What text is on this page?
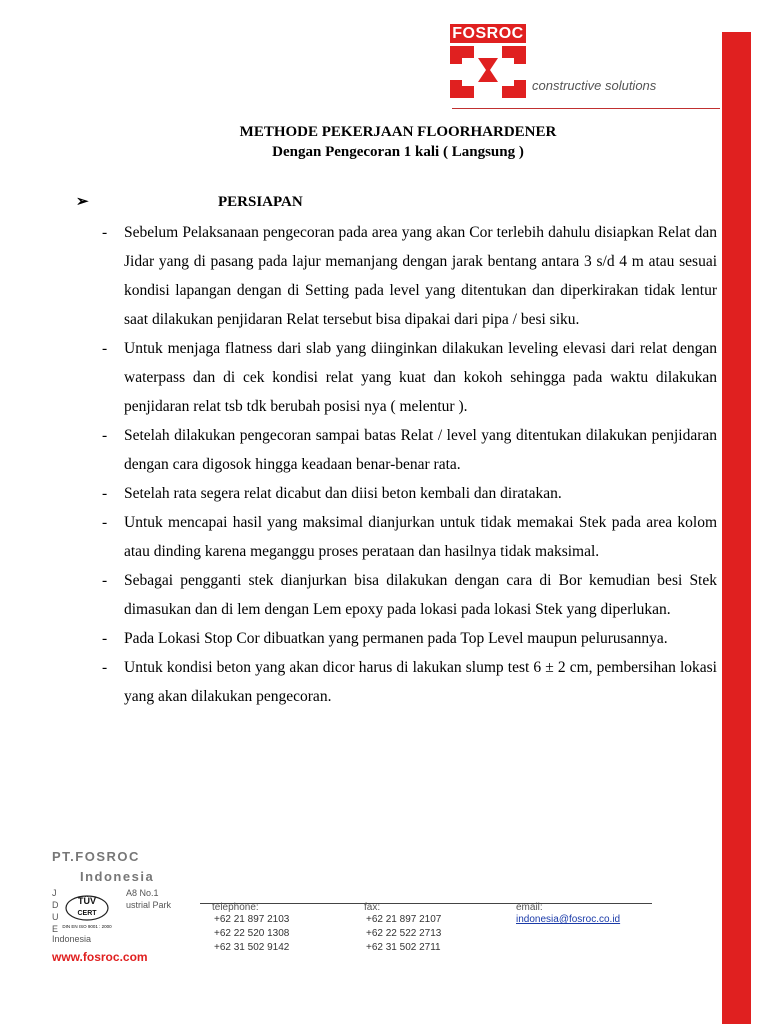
FOSROC
constructive solutions
METHODE PEKERJAAN FLOORHARDENER
Dengan Pengecoran 1 kali ( Langsung )
➢	PERSIAPAN
- Sebelum Pelaksanaan pengecoran pada area yang akan Cor terlebih dahulu disiapkan Relat dan Jidar yang di pasang pada lajur memanjang dengan jarak bentang antara 3 s/d 4 m atau sesuai kondisi lapangan dengan di Setting pada level yang ditentukan dan diperkirakan tidak lentur saat dilakukan penjidaran Relat tersebut bisa dipakai dari pipa / besi siku.
- Untuk menjaga flatness dari slab yang diinginkan dilakukan leveling elevasi dari relat dengan waterpass dan di cek kondisi relat yang kuat dan kokoh sehingga pada waktu dilakukan penjidaran relat tsb tdk berubah posisi nya ( melentur ).
- Setelah dilakukan pengecoran sampai batas Relat / level yang ditentukan dilakukan penjidaran dengan cara digosok hingga keadaan benar-benar rata.
- Setelah rata segera relat dicabut dan diisi beton kembali dan diratakan.
- Untuk mencapai hasil yang maksimal dianjurkan untuk tidak memakai Stek pada area kolom atau dinding karena meganggu proses perataan dan hasilnya tidak maksimal.
- Sebagai pengganti stek dianjurkan bisa dilakukan dengan cara di Bor kemudian besi Stek dimasukan dan di lem dengan Lem epoxy pada lokasi pada lokasi Stek yang diperlukan.
- Pada Lokasi Stop Cor dibuatkan yang permanen pada Top Level maupun pelurusannya.
- Untuk kondisi beton yang akan dicor harus di lakukan slump test 6 ± 2 cm, pembersihan lokasi yang akan dilakukan pengecoran.
PT.FOSROC
Indonesia
J	A8 No.1
D	ustrial Park
U
E
Indonesia
TÜV
CERT
DIN EN ISO 9001 : 2000
telephone:
+62 21 897 2103
+62 22 520 1308
+62 31 502 9142
fax:
+62 21 897 2107
+62 22 522 2713
+62 31 502 2711
email:
indonesia@fosroc.co.id
www.fosroc.com
